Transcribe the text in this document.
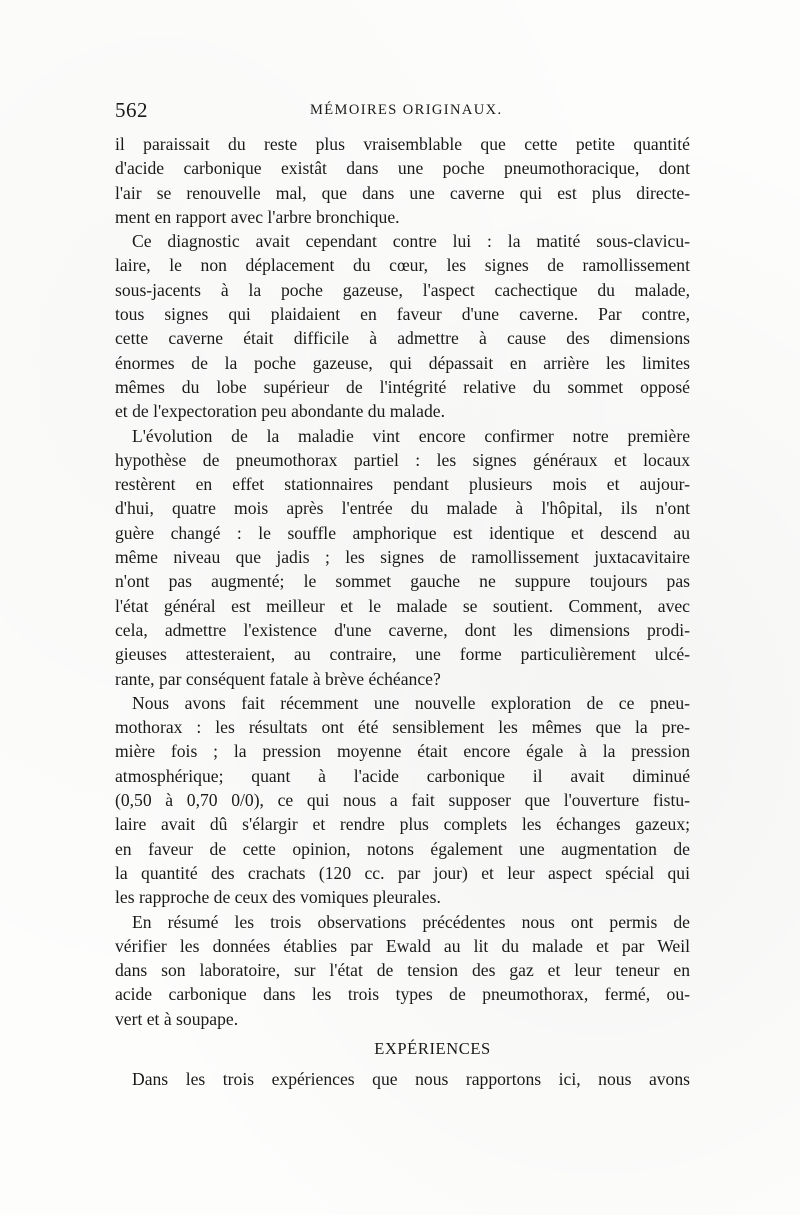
562	MÉMOIRES ORIGINAUX.
il paraissait du reste plus vraisemblable que cette petite quantité
d'acide carbonique existât dans une poche pneumothoracique, dont
l'air se renouvelle mal, que dans une caverne qui est plus directe-
ment en rapport avec l'arbre bronchique.
Ce diagnostic avait cependant contre lui : la matité sous-clavicu-
laire, le non déplacement du cœur, les signes de ramollissement
sous-jacents à la poche gazeuse, l'aspect cachectique du malade,
tous signes qui plaidaient en faveur d'une caverne. Par contre,
cette caverne était difficile à admettre à cause des dimensions
énormes de la poche gazeuse, qui dépassait en arrière les limites
mêmes du lobe supérieur de l'intégrité relative du sommet opposé
et de l'expectoration peu abondante du malade.
L'évolution de la maladie vint encore confirmer notre première
hypothèse de pneumothorax partiel : les signes généraux et locaux
restèrent en effet stationnaires pendant plusieurs mois et aujour-
d'hui, quatre mois après l'entrée du malade à l'hôpital, ils n'ont
guère changé : le souffle amphorique est identique et descend au
même niveau que jadis ; les signes de ramollissement juxtacavitaire
n'ont pas augmenté; le sommet gauche ne suppure toujours pas
l'état général est meilleur et le malade se soutient. Comment, avec
cela, admettre l'existence d'une caverne, dont les dimensions prodi-
gieuses attesteraient, au contraire, une forme particulièrement ulcé-
rante, par conséquent fatale à brève échéance?
Nous avons fait récemment une nouvelle exploration de ce pneu-
mothorax : les résultats ont été sensiblement les mêmes que la pre-
mière fois ; la pression moyenne était encore égale à la pression
atmosphérique; quant à l'acide carbonique il avait diminué
(0,50 à 0,70 0/0), ce qui nous a fait supposer que l'ouverture fistu-
laire avait dû s'élargir et rendre plus complets les échanges gazeux;
en faveur de cette opinion, notons également une augmentation de
la quantité des crachats (120 cc. par jour) et leur aspect spécial qui
les rapproche de ceux des vomiques pleurales.
En résumé les trois observations précédentes nous ont permis de
vérifier les données établies par Ewald au lit du malade et par Weil
dans son laboratoire, sur l'état de tension des gaz et leur teneur en
acide carbonique dans les trois types de pneumothorax, fermé, ou-
vert et à soupape.
EXPÉRIENCES
Dans les trois expériences que nous rapportons ici, nous avons
